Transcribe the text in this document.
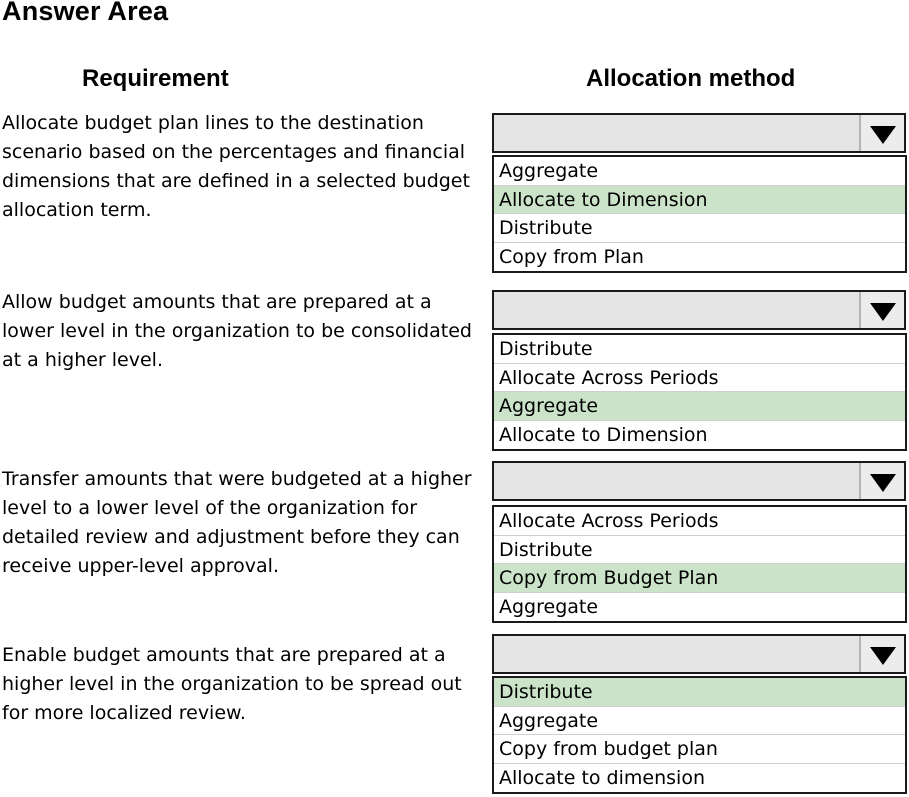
Answer Area
Requirement	Allocation method
Allocate budget plan lines to the destination
scenario based on the percentages and financial
dimensions that are defined in a selected budget
allocation term.
Aggregate
Allocate to Dimension
Distribute
Copy from Plan
Allow budget amounts that are prepared at a
lower level in the organization to be consolidated
at a higher level.	Distribute
Allocate Across Periods
Aggregate
Allocate to Dimension
Transfer amounts that were budgeted at a higher
level to a lower level of the organization for
detailed review and adjustment before they can
receive upper-level approval.
Allocate Across Periods
Distribute
Copy from Budget Plan
Aggregate
Enable budget amounts that are prepared at a
higher level in the organization to be spread out
for more localized review.
Distribute
Aggregate
Copy from budget plan
Allocate to dimension
